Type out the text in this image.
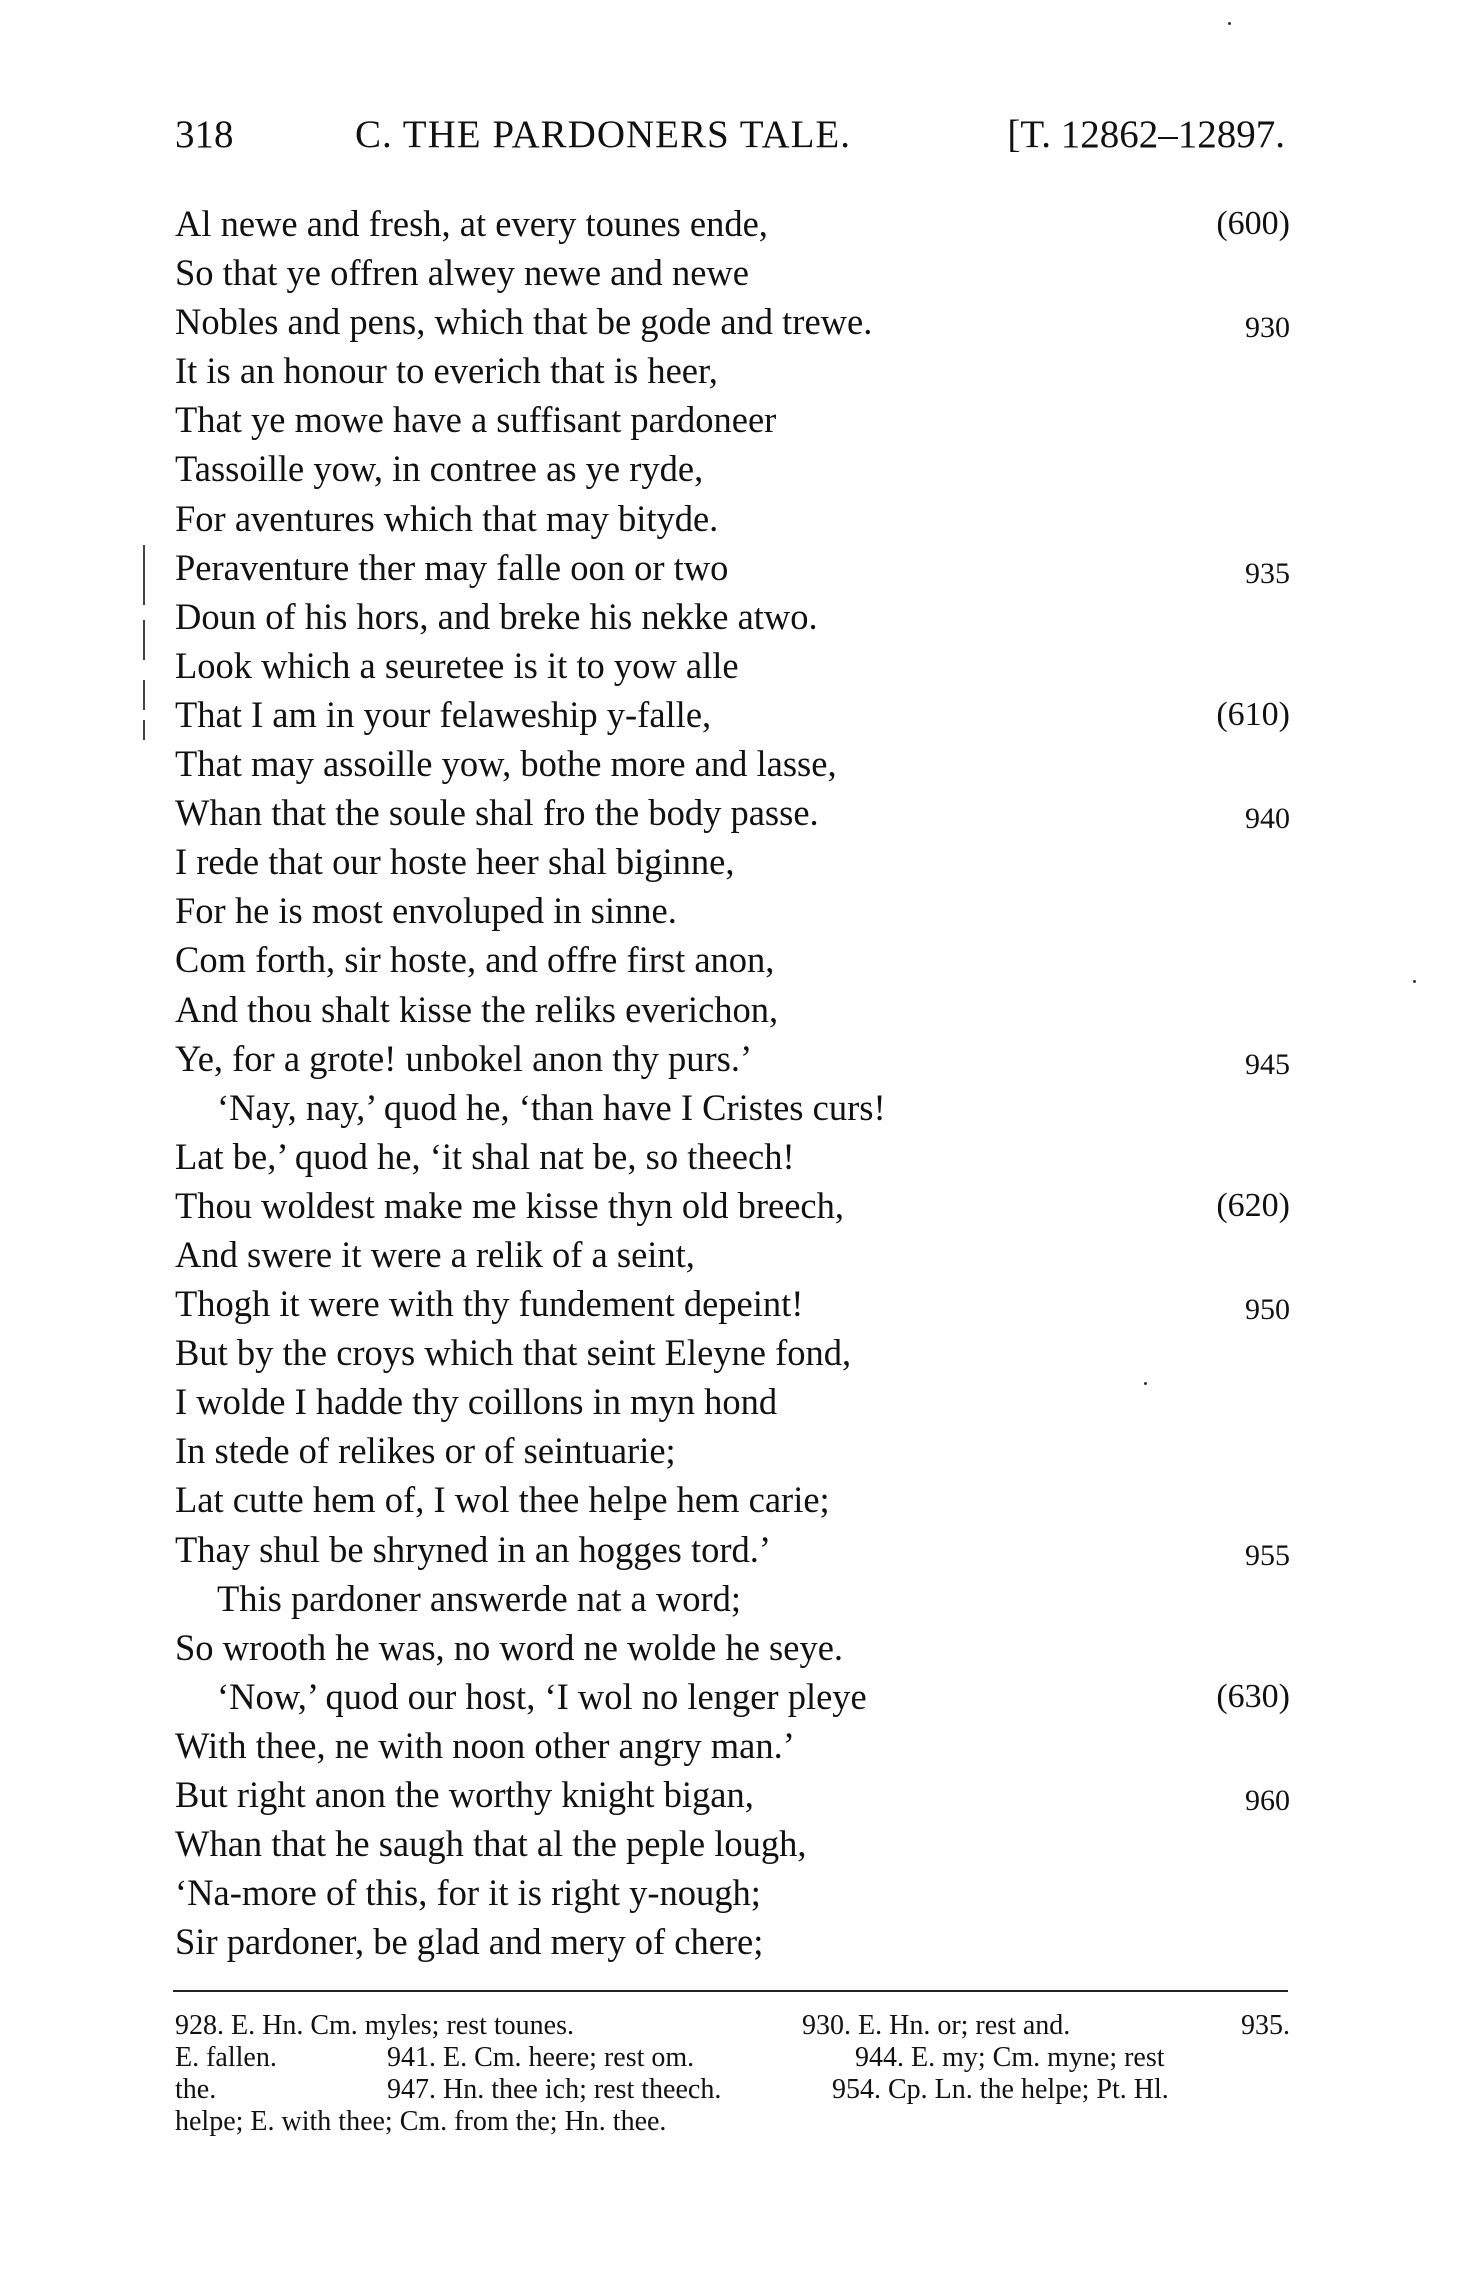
318	C. THE PARDONERS TALE.	[T. 12862–12897.
Al newe and fresh, at every tounes ende,	(600)
So that ye offren alwey newe and newe
Nobles and pens, which that be gode and trewe.	930
It is an honour to everich that is heer,
That ye mowe have a suffisant pardoneer
Tassoille yow, in contree as ye ryde,
For aventures which that may bityde.
Peraventure ther may falle oon or two	935
Doun of his hors, and breke his nekke atwo.
Look which a seuretee is it to yow alle
That I am in your felaweship y-falle,	(610)
That may assoille yow, bothe more and lasse,
Whan that the soule shal fro the body passe.	940
I rede that our hoste heer shal biginne,
For he is most envoluped in sinne.
Com forth, sir hoste, and offre first anon,
And thou shalt kisse the reliks everichon,
Ye, for a grote! unbokel anon thy purs.’	945
‘Nay, nay,’ quod he, ‘than have I Cristes curs!
Lat be,’ quod he, ‘it shal nat be, so theech!
Thou woldest make me kisse thyn old breech,	(620)
And swere it were a relik of a seint,
Thogh it were with thy fundement depeint!	950
But by the croys which that seint Eleyne fond,
I wolde I hadde thy coillons in myn hond
In stede of relikes or of seintuarie;
Lat cutte hem of, I wol thee helpe hem carie;
Thay shul be shryned in an hogges tord.’	955
This pardoner answerde nat a word;
So wrooth he was, no word ne wolde he seye.
‘Now,’ quod our host, ‘I wol no lenger pleye	(630)
With thee, ne with noon other angry man.’
But right anon the worthy knight bigan,	960
Whan that he saugh that al the peple lough,
‘Na-more of this, for it is right y-nough;
Sir pardoner, be glad and mery of chere;
928. E. Hn. Cm. myles; rest tounes.	930. E. Hn. or; rest and.	935.
E. fallen.	941. E. Cm. heere; rest om.	944. E. my; Cm. myne; rest
the.	947. Hn. thee ich; rest theech.	954. Cp. Ln. the helpe; Pt. Hl.
helpe; E. with thee; Cm. from the; Hn. thee.
